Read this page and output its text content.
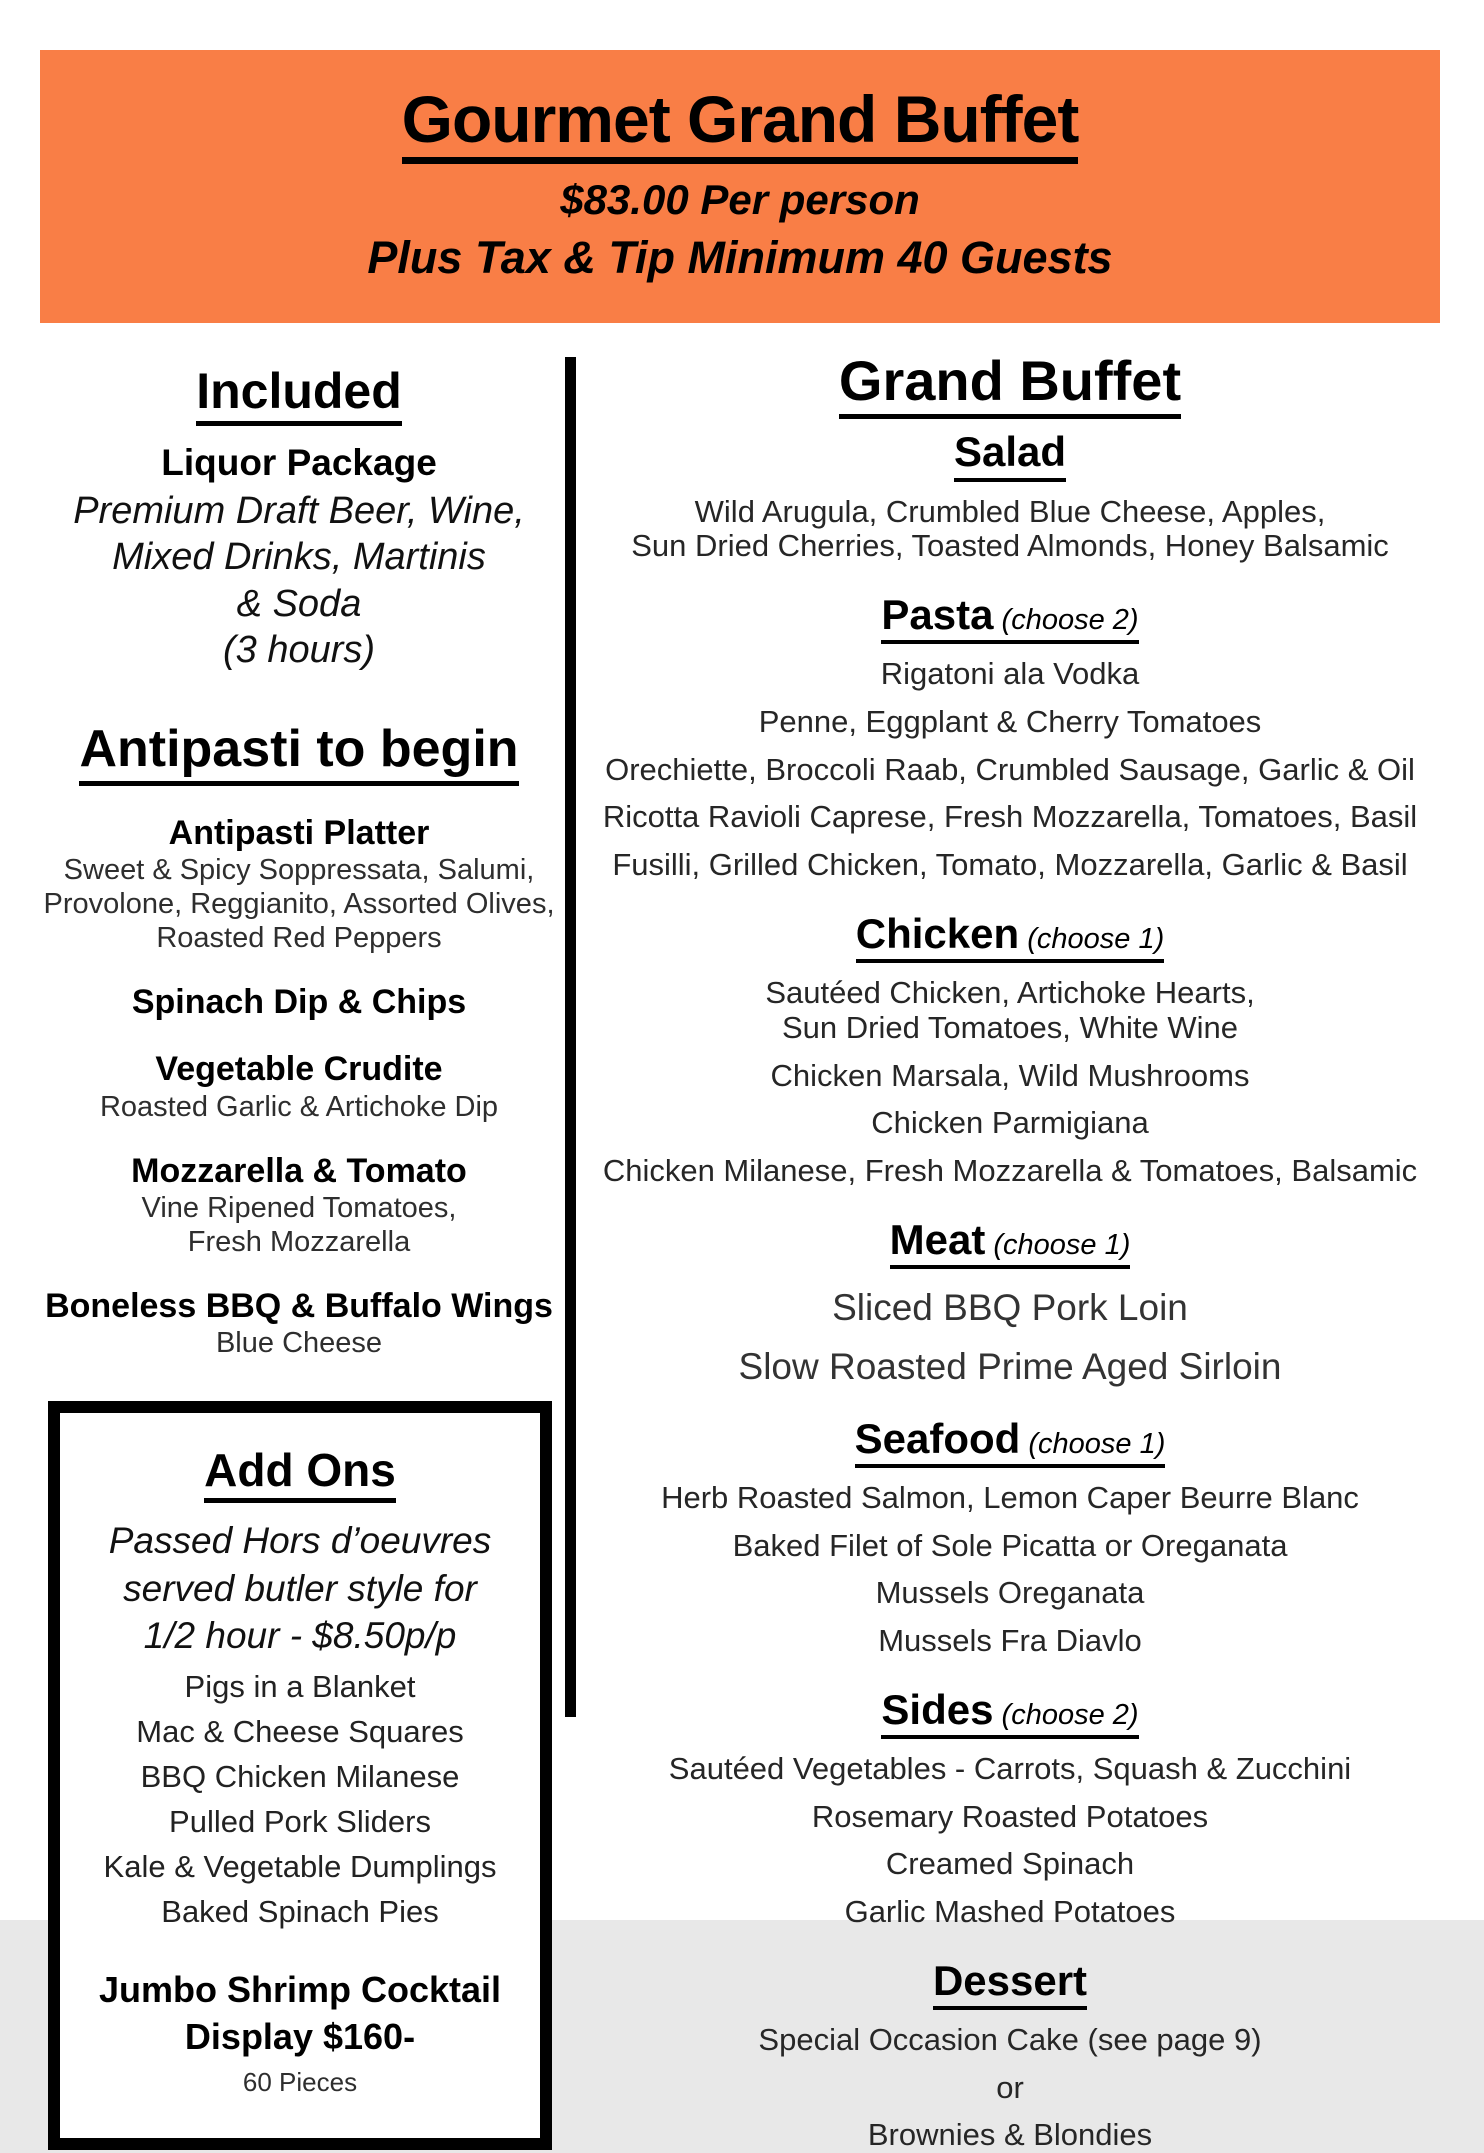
Gourmet Grand Buffet
$83.00 Per person
Plus Tax & Tip Minimum 40 Guests
Included
Liquor Package
Premium Draft Beer, Wine,
Mixed Drinks, Martinis
& Soda
(3 hours)
Antipasti to begin
Antipasti Platter
Sweet & Spicy Soppressata, Salumi,
Provolone, Reggianito, Assorted Olives,
Roasted Red Peppers
Spinach Dip & Chips
Vegetable Crudite
Roasted Garlic & Artichoke Dip
Mozzarella & Tomato
Vine Ripened Tomatoes,
Fresh Mozzarella
Boneless BBQ & Buffalo Wings
Blue Cheese
Add Ons
Passed Hors d’oeuvres
served butler style for
1/2 hour - $8.50p/p
Pigs in a Blanket
Mac & Cheese Squares
BBQ Chicken Milanese
Pulled Pork Sliders
Kale & Vegetable Dumplings
Baked Spinach Pies
Jumbo Shrimp Cocktail
Display $160-
60 Pieces
Grand Buffet
Salad
Wild Arugula, Crumbled Blue Cheese, Apples,
Sun Dried Cherries, Toasted Almonds, Honey Balsamic
Pasta (choose 2)
Rigatoni ala Vodka
Penne, Eggplant & Cherry Tomatoes
Orechiette, Broccoli Raab, Crumbled Sausage, Garlic & Oil
Ricotta Ravioli Caprese, Fresh Mozzarella, Tomatoes, Basil
Fusilli, Grilled Chicken, Tomato, Mozzarella, Garlic & Basil
Chicken (choose 1)
Sautéed Chicken, Artichoke Hearts,
Sun Dried Tomatoes, White Wine
Chicken Marsala, Wild Mushrooms
Chicken Parmigiana
Chicken Milanese, Fresh Mozzarella & Tomatoes, Balsamic
Meat (choose 1)
Sliced BBQ Pork Loin
Slow Roasted Prime Aged Sirloin
Seafood (choose 1)
Herb Roasted Salmon, Lemon Caper Beurre Blanc
Baked Filet of Sole Picatta or Oreganata
Mussels Oreganata
Mussels Fra Diavlo
Sides (choose 2)
Sautéed Vegetables - Carrots, Squash & Zucchini
Rosemary Roasted Potatoes
Creamed Spinach
Garlic Mashed Potatoes
Dessert
Special Occasion Cake (see page 9)
or
Brownies & Blondies
